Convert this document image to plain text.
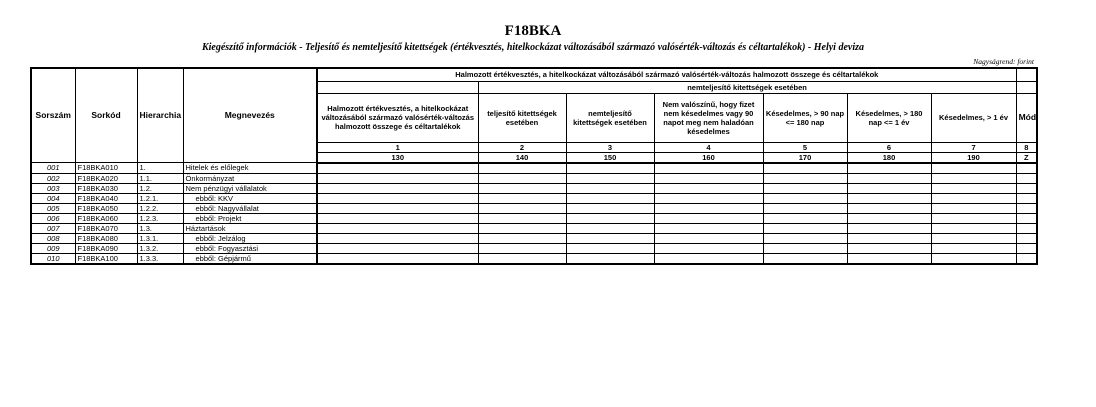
F18BKA
Kiegészítő információk - Teljesítő és nemteljesítő kitettségek (értékvesztés, hitelkockázat változásából származó valósérték-változás és céltartalékok) - Helyi deviza
Nagyságrend: forint
Sorszám	Sorkód	Hierarchia	Megnevezés	Halmozott értékvesztés, a hitelkockázat változásából származó valósérték-változás halmozott összege és céltartalékok							
					nemteljesítő kitettségek esetében						
				Halmozott értékvesztés, a hitelkockázat változásából származó valósérték-változás halmozott összege és céltartalékok	teljesítő kitettségek esetében	nemteljesítő kitettségek esetében	Nem valószínű, hogy fizet nem késedelmes vagy 90 napot meg nem haladóan késedelmes	Késedelmes, > 90 nap <= 180 nap	Késedelmes, > 180 nap <= 1 év	Késedelmes, > 1 év	Mód
				1	2	3	4	5	6	7	8
				130	140	150	160	170	180	190	Z
001	F18BKA010	1.	Hitelek és előlegek								
002	F18BKA020	1.1.	Önkormányzat								
003	F18BKA030	1.2.	Nem pénzügyi vállalatok								
004	F18BKA040	1.2.1.	ebből: KKV								
005	F18BKA050	1.2.2.	ebből: Nagyvállalat								
006	F18BKA060	1.2.3.	ebből: Projekt								
007	F18BKA070	1.3.	Háztartások								
008	F18BKA080	1.3.1.	ebből: Jelzálog								
009	F18BKA090	1.3.2.	ebből: Fogyasztási								
010	F18BKA100	1.3.3.	ebből: Gépjármű								
